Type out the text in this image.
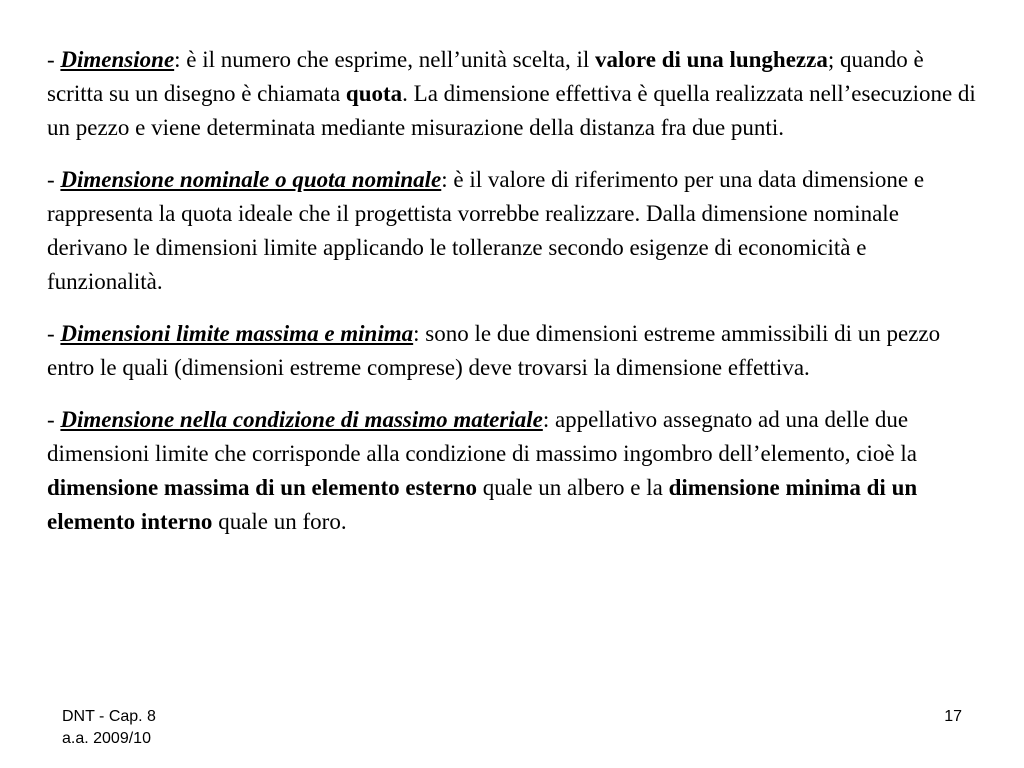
- Dimensione: è il numero che esprime, nell’unità scelta, il valore di una lunghezza; quando è scritta su un disegno è chiamata quota. La dimensione effettiva è quella realizzata nell’esecuzione di un pezzo e viene determinata mediante misurazione della distanza fra due punti.

- Dimensione nominale o quota nominale: è il valore di riferimento per una data dimensione e rappresenta la quota ideale che il progettista vorrebbe realizzare. Dalla dimensione nominale derivano le dimensioni limite applicando le tolleranze secondo esigenze di economicità e funzionalità.

- Dimensioni limite massima e minima: sono le due dimensioni estreme ammissibili di un pezzo entro le quali (dimensioni estreme comprese) deve trovarsi la dimensione effettiva.

- Dimensione nella condizione di massimo materiale: appellativo assegnato ad una delle due dimensioni limite che corrisponde alla condizione di massimo ingombro dell’elemento, cioè la dimensione massima di un elemento esterno quale un albero e la dimensione minima di un elemento interno quale un foro.

DNT - Cap. 8
a.a. 2009/10
17
